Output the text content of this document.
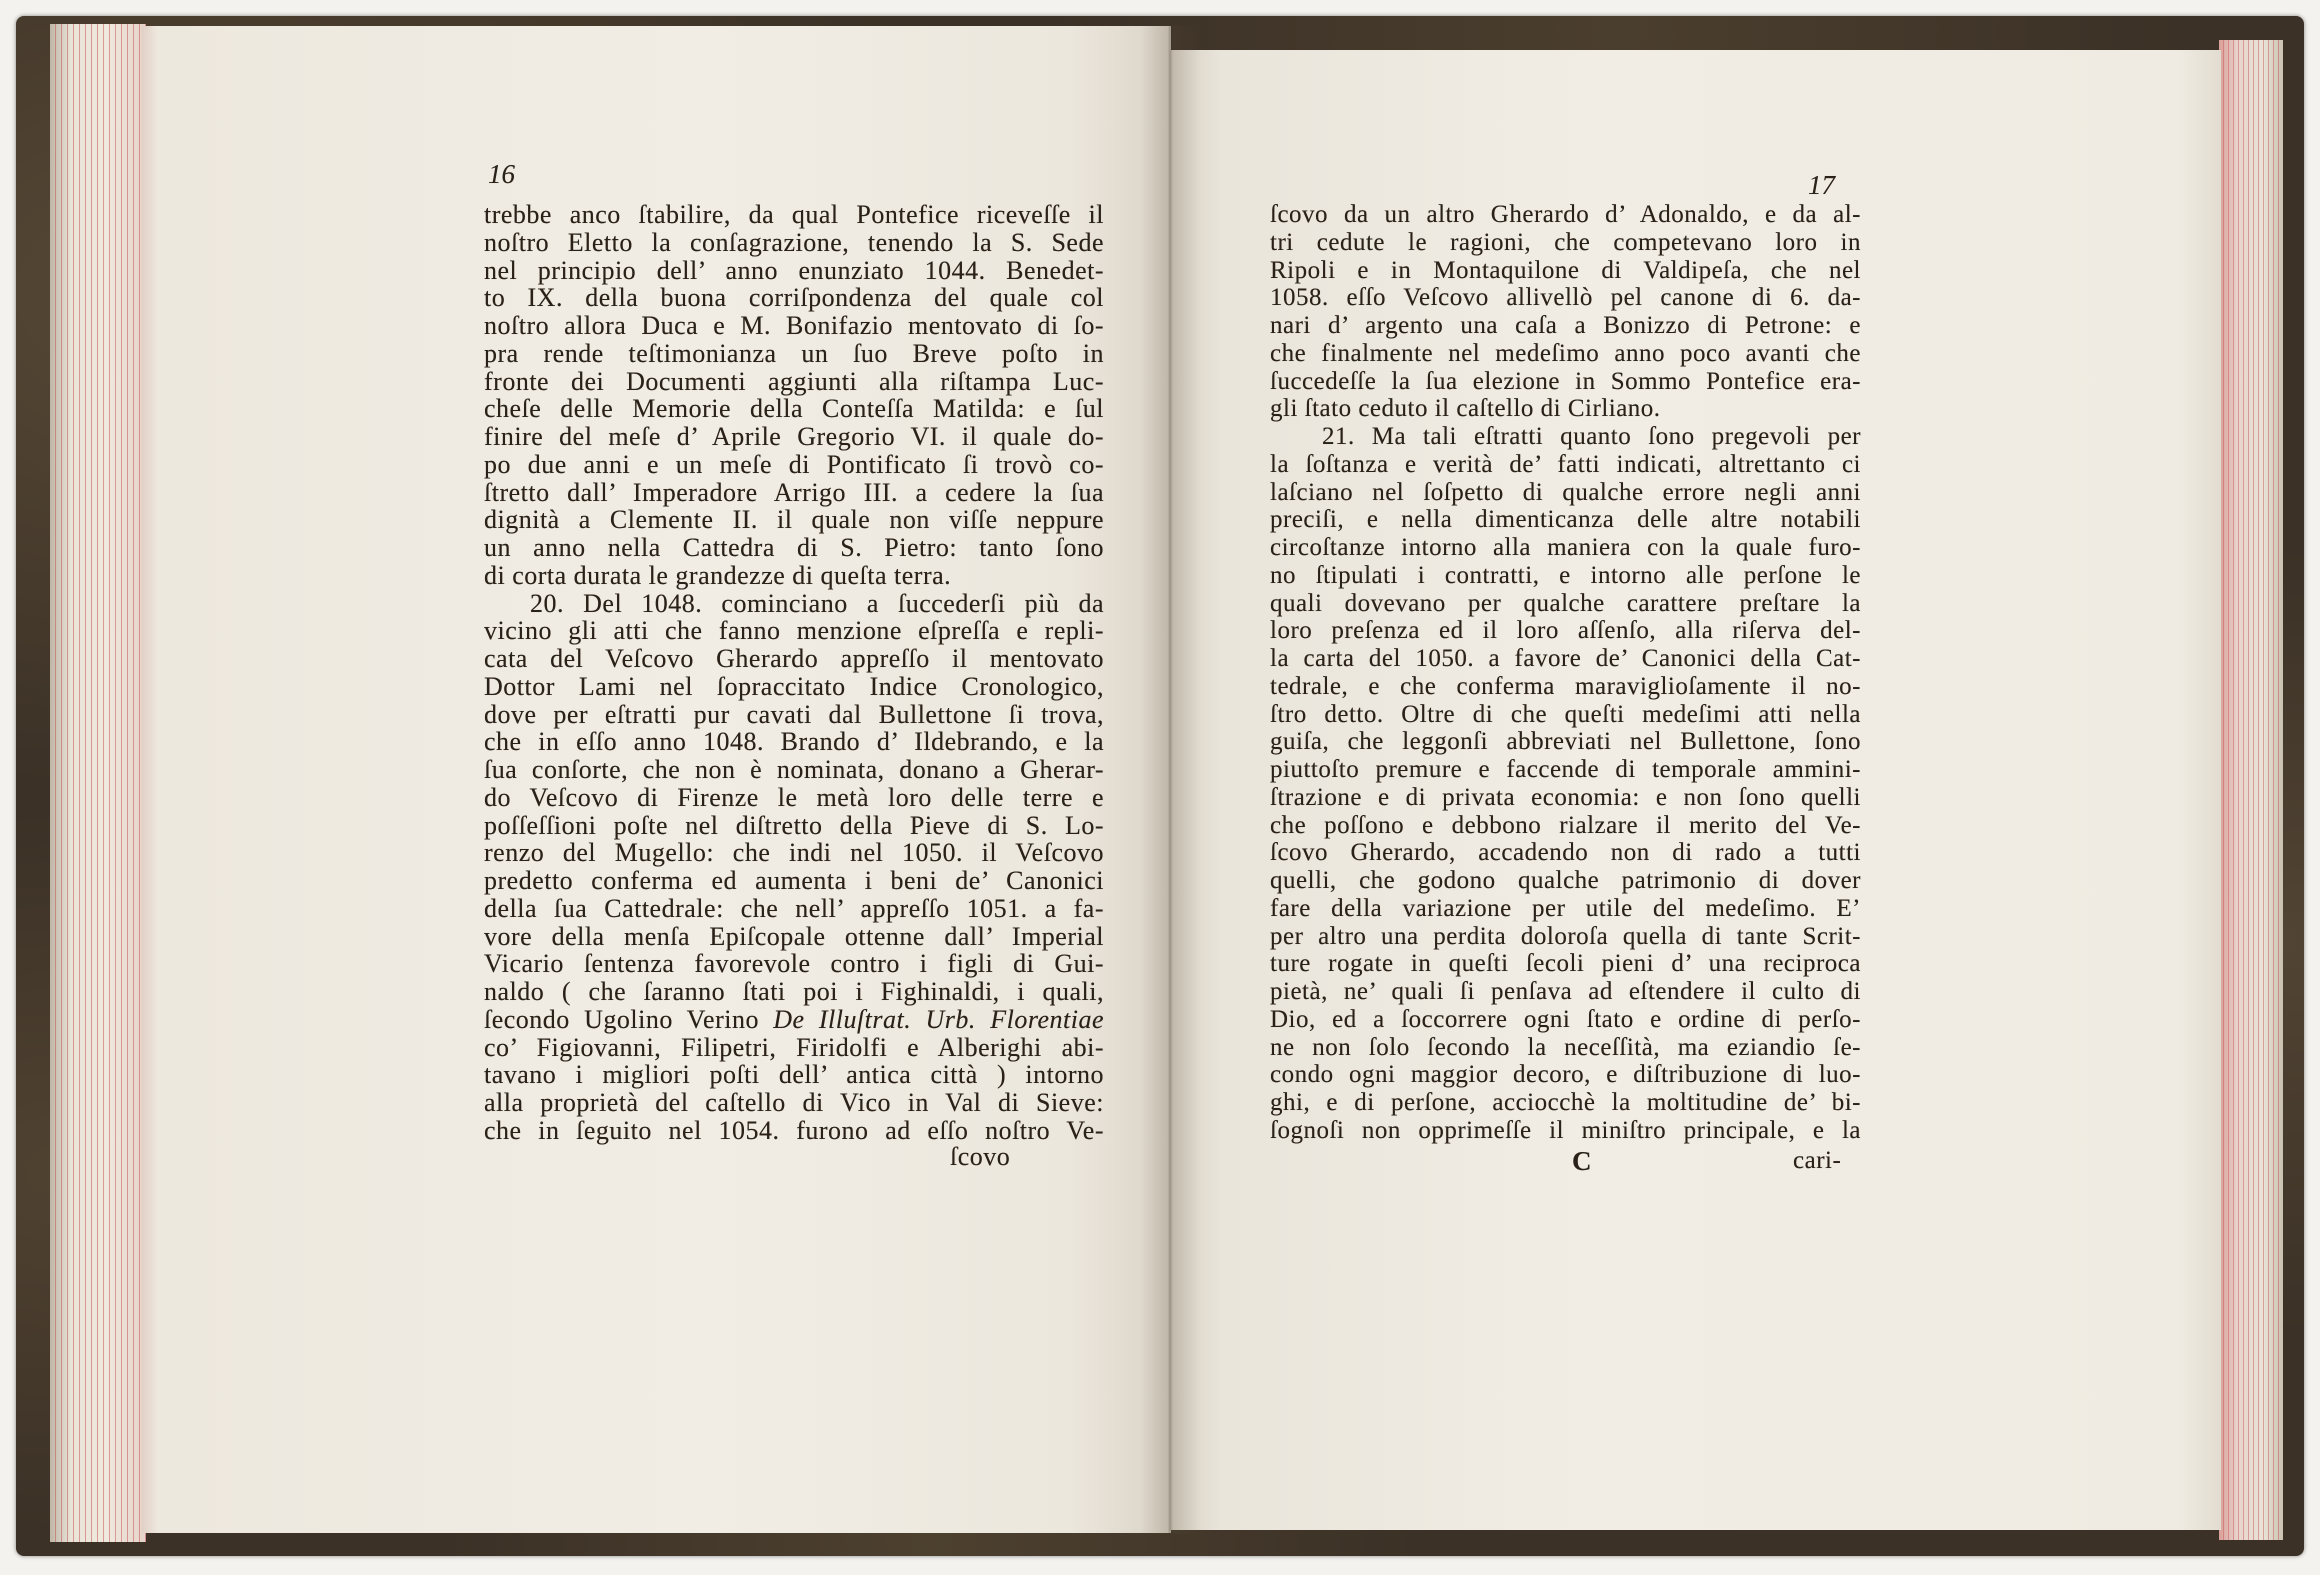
16
trebbe anco ſtabilire, da qual Pontefice riceveſſe il
noſtro Eletto la conſagrazione, tenendo la S. Sede
nel principio dell’ anno enunziato 1044. Benedet-
to IX. della buona corriſpondenza del quale col
noſtro allora Duca e M. Bonifazio mentovato di ſo-
pra rende teſtimonianza un ſuo Breve poſto in
fronte dei Documenti aggiunti alla riſtampa Luc-
cheſe delle Memorie della Conteſſa Matilda: e ſul
finire del meſe d’ Aprile Gregorio VI. il quale do-
po due anni e un meſe di Pontificato ſi trovò co-
ſtretto dall’ Imperadore Arrigo III. a cedere la ſua
dignità a Clemente II. il quale non viſſe neppure
un anno nella Cattedra di S. Pietro: tanto ſono
di corta durata le grandezze di queſta terra.
20. Del 1048. cominciano a ſuccederſi più da
vicino gli atti che fanno menzione eſpreſſa e repli-
cata del Veſcovo Gherardo appreſſo il mentovato
Dottor Lami nel ſopraccitato Indice Cronologico,
dove per eſtratti pur cavati dal Bullettone ſi trova,
che in eſſo anno 1048. Brando d’ Ildebrando, e la
ſua conſorte, che non è nominata, donano a Gherar-
do Veſcovo di Firenze le metà loro delle terre e
poſſeſſioni poſte nel diſtretto della Pieve di S. Lo-
renzo del Mugello: che indi nel 1050. il Veſcovo
predetto conferma ed aumenta i beni de’ Canonici
della ſua Cattedrale: che nell’ appreſſo 1051. a fa-
vore della menſa Epiſcopale ottenne dall’ Imperial
Vicario ſentenza favorevole contro i figli di Gui-
naldo ( che ſaranno ſtati poi i Fighinaldi, i quali,
ſecondo Ugolino Verino De Illuſtrat. Urb. Florentiae
co’ Figiovanni, Filipetri, Firidolfi e Alberighi abi-
tavano i migliori poſti dell’ antica città ) intorno
alla proprietà del caſtello di Vico in Val di Sieve:
che in ſeguito nel 1054. furono ad eſſo noſtro Ve-
ſcovo
17
ſcovo da un altro Gherardo d’ Adonaldo, e da al-
tri cedute le ragioni, che competevano loro in
Ripoli e in Montaquilone di Valdipeſa, che nel
1058. eſſo Veſcovo allivellò pel canone di 6. da-
nari d’ argento una caſa a Bonizzo di Petrone: e
che finalmente nel medeſimo anno poco avanti che
ſuccedeſſe la ſua elezione in Sommo Pontefice era-
gli ſtato ceduto il caſtello di Cirliano.
21. Ma tali eſtratti quanto ſono pregevoli per
la ſoſtanza e verità de’ fatti indicati, altrettanto ci
laſciano nel ſoſpetto di qualche errore negli anni
preciſi, e nella dimenticanza delle altre notabili
circoſtanze intorno alla maniera con la quale furo-
no ſtipulati i contratti, e intorno alle perſone le
quali dovevano per qualche carattere preſtare la
loro preſenza ed il loro aſſenſo, alla riſerva del-
la carta del 1050. a favore de’ Canonici della Cat-
tedrale, e che conferma maraviglioſamente il no-
ſtro detto. Oltre di che queſti medeſimi atti nella
guiſa, che leggonſi abbreviati nel Bullettone, ſono
piuttoſto premure e faccende di temporale ammini-
ſtrazione e di privata economia: e non ſono quelli
che poſſono e debbono rialzare il merito del Ve-
ſcovo Gherardo, accadendo non di rado a tutti
quelli, che godono qualche patrimonio di dover
fare della variazione per utile del medeſimo. E’
per altro una perdita doloroſa quella di tante Scrit-
ture rogate in queſti ſecoli pieni d’ una reciproca
pietà, ne’ quali ſi penſava ad eſtendere il culto di
Dio, ed a ſoccorrere ogni ſtato e ordine di perſo-
ne non ſolo ſecondo la neceſſità, ma eziandio ſe-
condo ogni maggior decoro, e diſtribuzione di luo-
ghi, e di perſone, acciocchè la moltitudine de’ bi-
ſognoſi non opprimeſſe il miniſtro principale, e la
C	cari-
